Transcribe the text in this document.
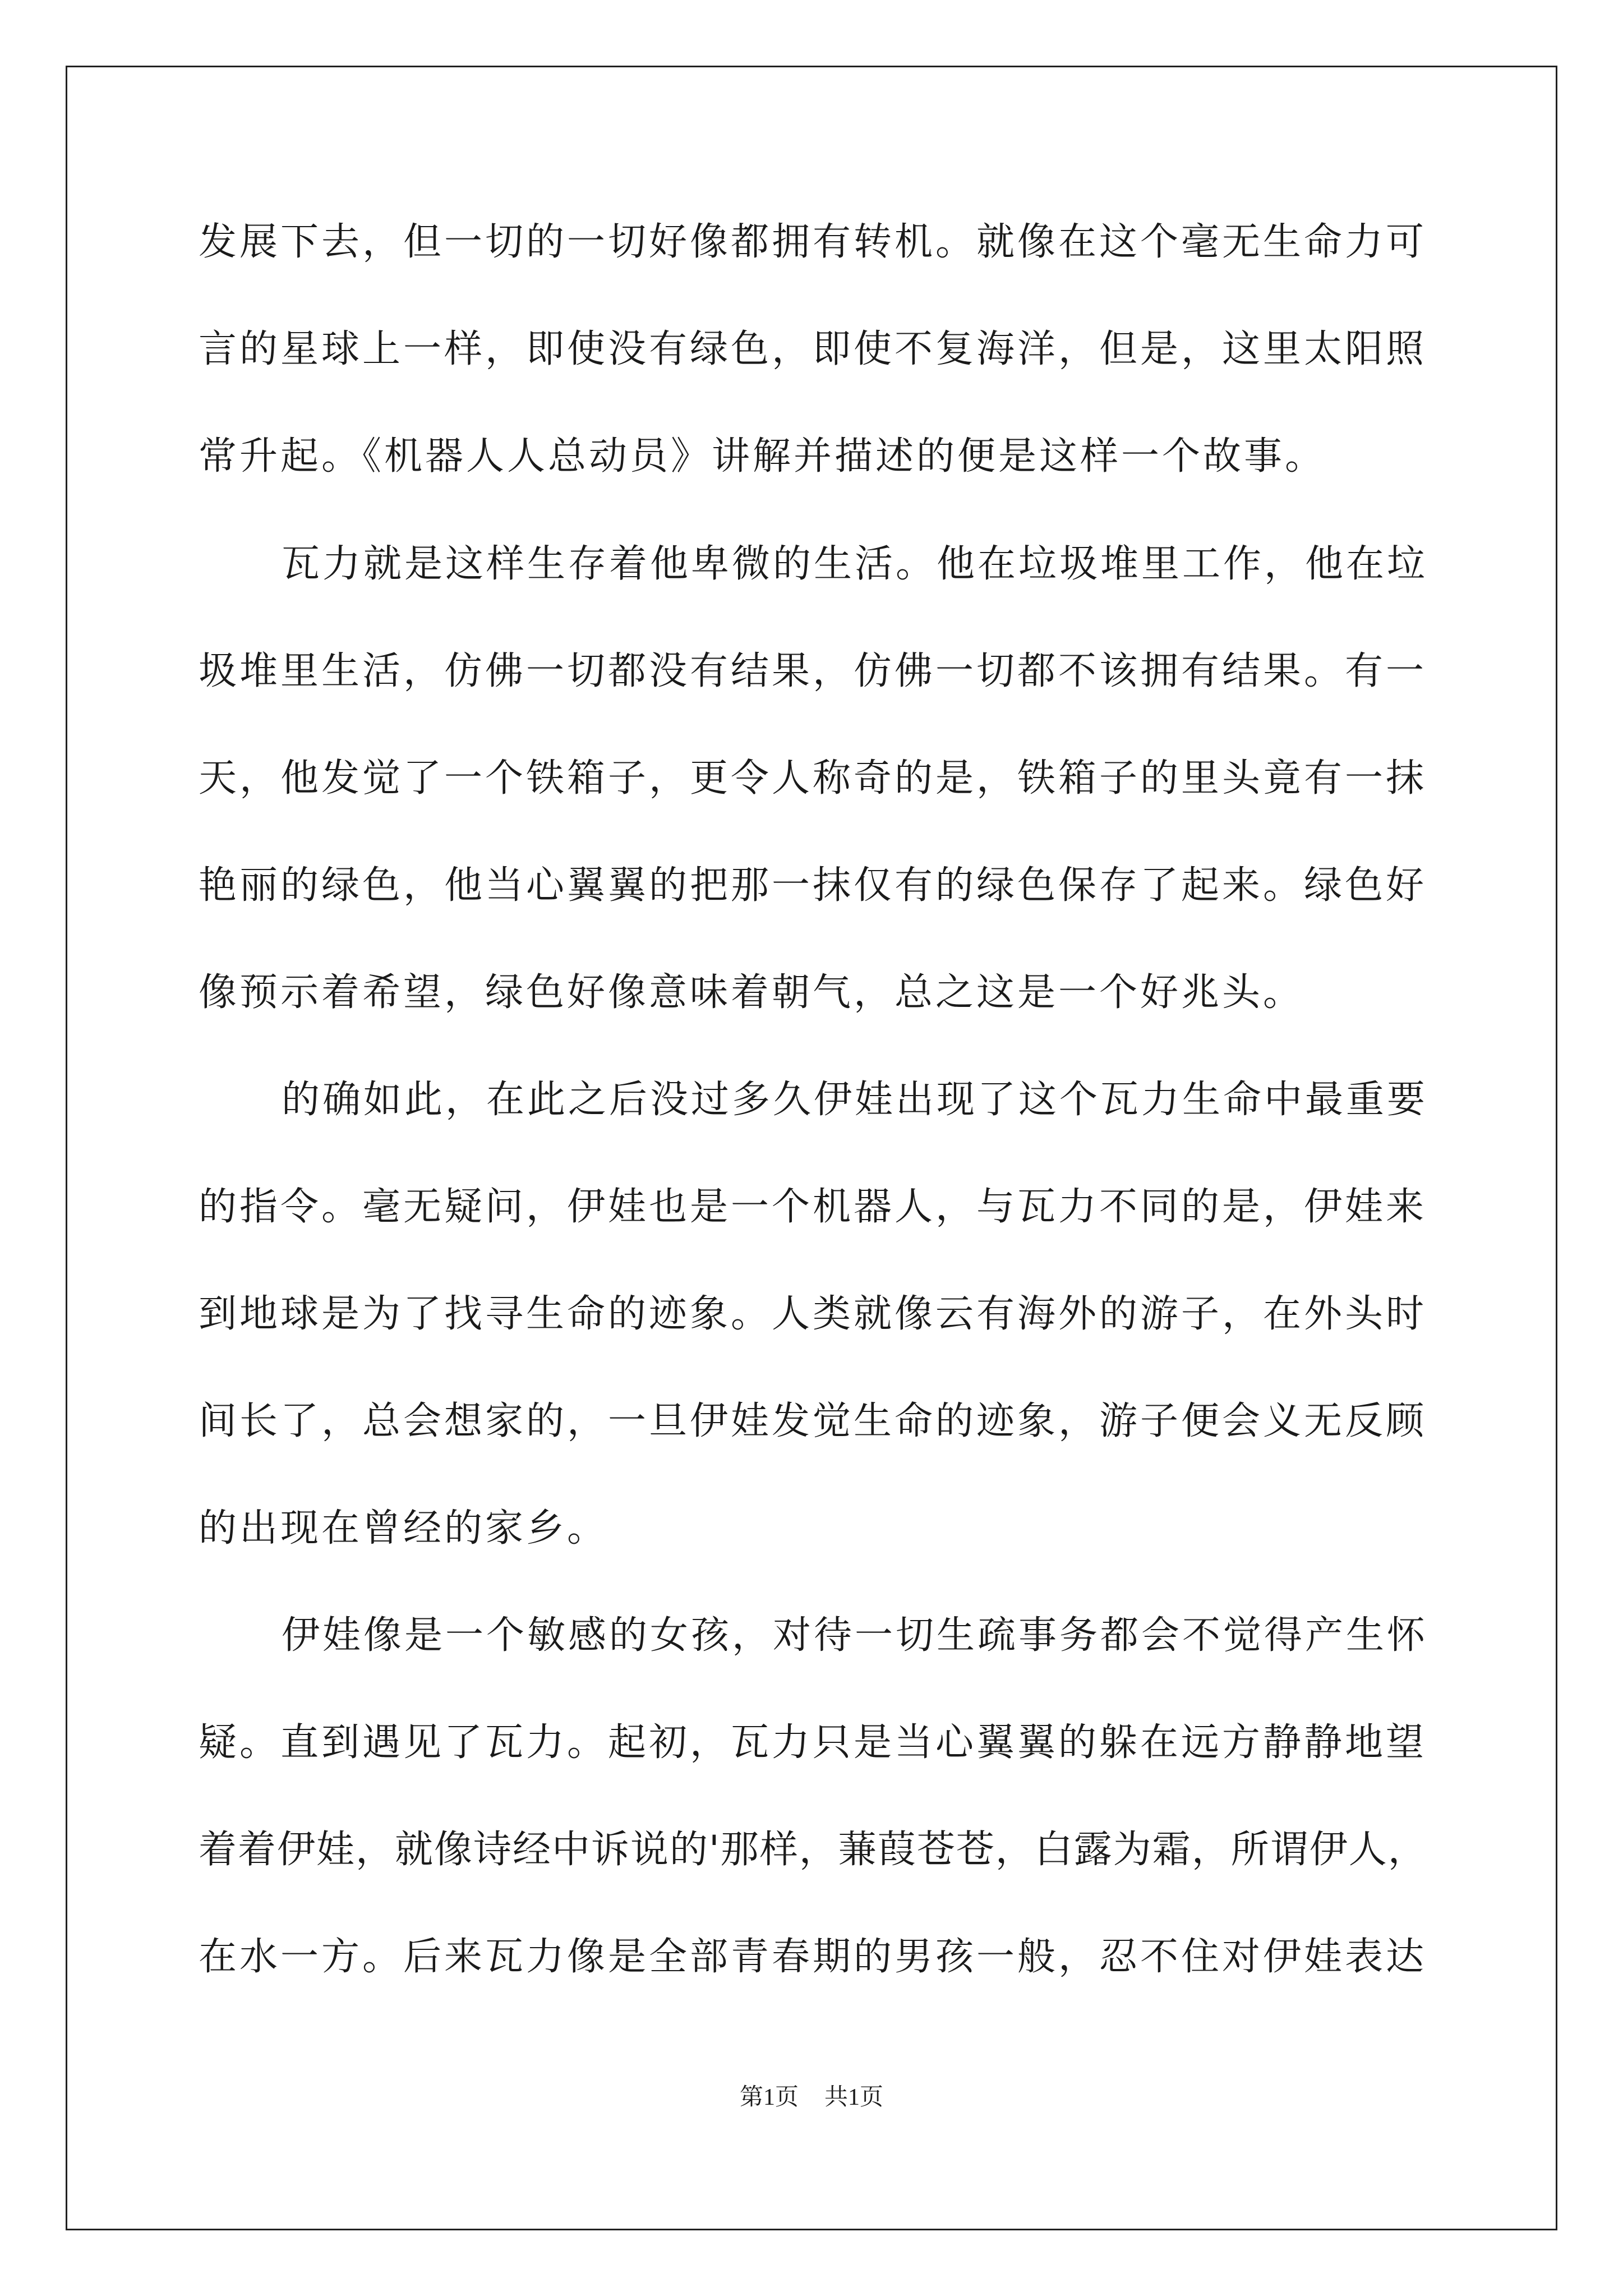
发展下去，但一切的一切好像都拥有转机。就像在这个毫无生命力可
言的星球上一样，即使没有绿色，即使不复海洋，但是，这里太阳照
常升起。《机器人人总动员》讲解并描述的便是这样一个故事。
瓦力就是这样生存着他卑微的生活。他在垃圾堆里工作，他在垃
圾堆里生活，仿佛一切都没有结果，仿佛一切都不该拥有结果。有一
天，他发觉了一个铁箱子，更令人称奇的是，铁箱子的里头竟有一抹
艳丽的绿色，他当心翼翼的把那一抹仅有的绿色保存了起来。绿色好
像预示着希望，绿色好像意味着朝气，总之这是一个好兆头。
的确如此，在此之后没过多久伊娃出现了这个瓦力生命中最重要
的指令。毫无疑问，伊娃也是一个机器人，与瓦力不同的是，伊娃来
到地球是为了找寻生命的迹象。人类就像云有海外的游子，在外头时
间长了，总会想家的，一旦伊娃发觉生命的迹象，游子便会义无反顾
的出现在曾经的家乡。
伊娃像是一个敏感的女孩，对待一切生疏事务都会不觉得产生怀
疑。直到遇见了瓦力。起初，瓦力只是当心翼翼的躲在远方静静地望
着着伊娃，就像诗经中诉说的'那样，蒹葭苍苍，白露为霜，所谓伊人，
在水一方。后来瓦力像是全部青春期的男孩一般，忍不住对伊娃表达
第1页 共1页
